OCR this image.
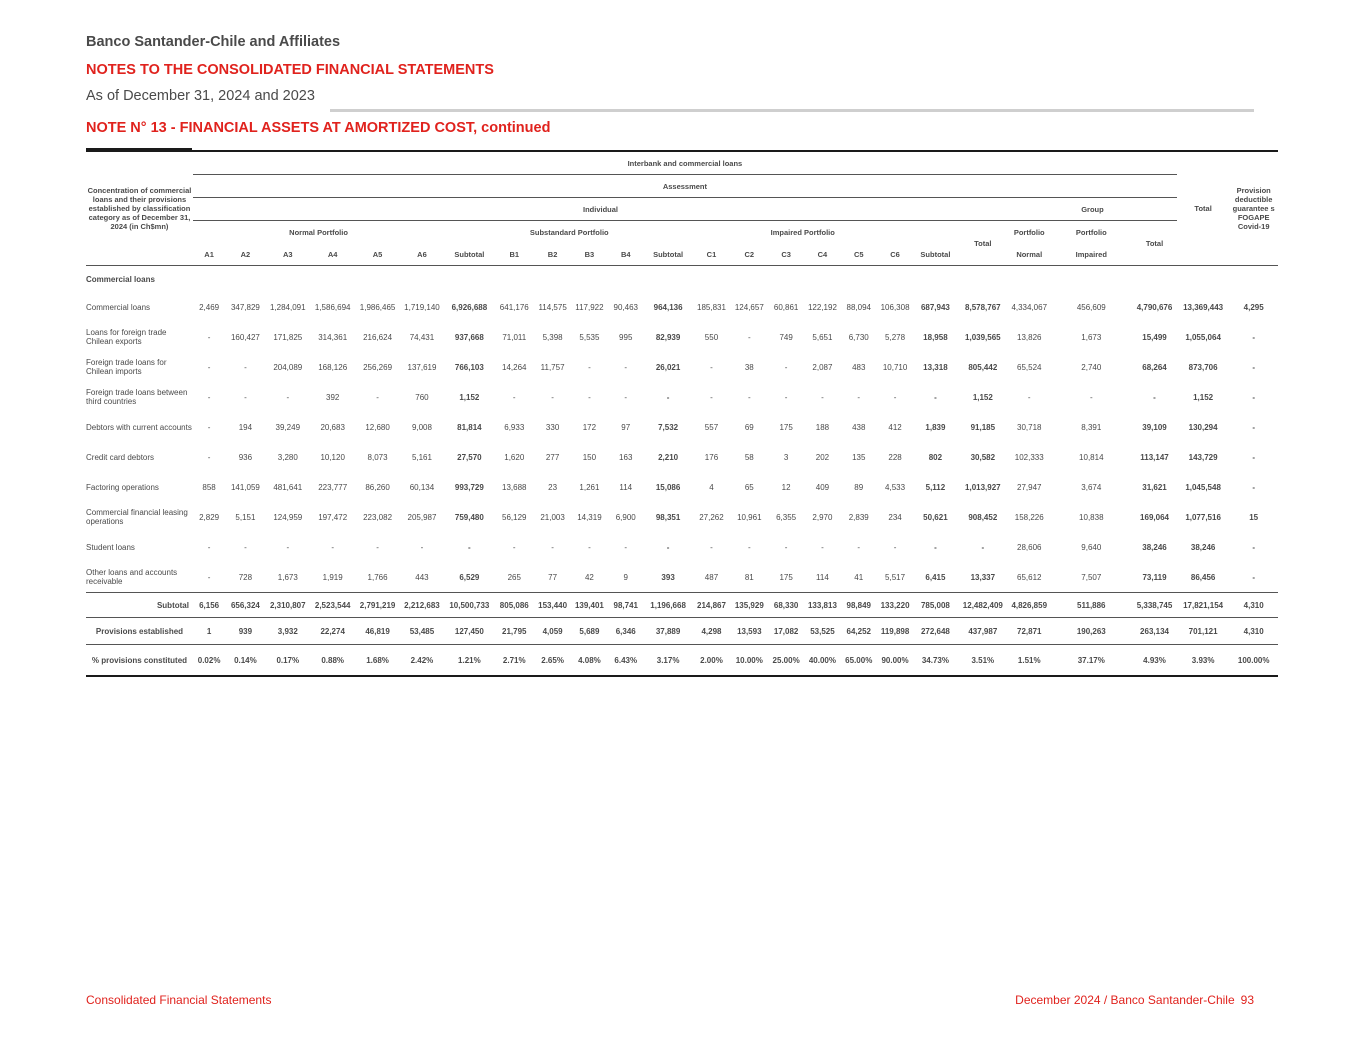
Banco Santander-Chile and Affiliates
NOTES TO THE CONSOLIDATED FINANCIAL STATEMENTS
As of December 31, 2024 and 2023
NOTE N° 13 - FINANCIAL ASSETS AT AMORTIZED COST, continued
Concentration of commercial loans and their provisions established by classification category as of December 31, 2024 (in Ch$mn)	Interbank and commercial loans																							Total	Provision deductible guarantee s FOGAPE Covid-19
	Assessment																								
	Individual																				Group				
	Normal Portfolio							Substandard Portfolio					Impaired Portfolio							Total	Portfolio	Portfolio	Total		
	A1	A2	A3	A4	A5	A6	Subtotal	B1	B2	B3	B4	Subtotal	C1	C2	C3	C4	C5	C6	Subtotal		Normal	Impaired			
Commercial loans																									
Commercial loans	2,469	347,829	1,284,091	1,586,694	1,986,465	1,719,140	6,926,688	641,176	114,575	117,922	90,463	964,136	185,831	124,657	60,861	122,192	88,094	106,308	687,943	8,578,767	4,334,067	456,609	4,790,676	13,369,443	4,295
Loans for foreign trade Chilean exports	-	160,427	171,825	314,361	216,624	74,431	937,668	71,011	5,398	5,535	995	82,939	550	-	749	5,651	6,730	5,278	18,958	1,039,565	13,826	1,673	15,499	1,055,064	-
Foreign trade loans for Chilean imports	-	-	204,089	168,126	256,269	137,619	766,103	14,264	11,757	-	-	26,021	-	38	-	2,087	483	10,710	13,318	805,442	65,524	2,740	68,264	873,706	-
Foreign trade loans between third countries	-	-	-	392	-	760	1,152	-	-	-	-	-	-	-	-	-	-	-	-	1,152	-	-	-	1,152	-
Debtors with current accounts	-	194	39,249	20,683	12,680	9,008	81,814	6,933	330	172	97	7,532	557	69	175	188	438	412	1,839	91,185	30,718	8,391	39,109	130,294	-
Credit card debtors	-	936	3,280	10,120	8,073	5,161	27,570	1,620	277	150	163	2,210	176	58	3	202	135	228	802	30,582	102,333	10,814	113,147	143,729	-
Factoring operations	858	141,059	481,641	223,777	86,260	60,134	993,729	13,688	23	1,261	114	15,086	4	65	12	409	89	4,533	5,112	1,013,927	27,947	3,674	31,621	1,045,548	-
Commercial financial leasing operations	2,829	5,151	124,959	197,472	223,082	205,987	759,480	56,129	21,003	14,319	6,900	98,351	27,262	10,961	6,355	2,970	2,839	234	50,621	908,452	158,226	10,838	169,064	1,077,516	15
Student loans	-	-	-	-	-	-	-	-	-	-	-	-	-	-	-	-	-	-	-	-	28,606	9,640	38,246	38,246	-
Other loans and accounts receivable	-	728	1,673	1,919	1,766	443	6,529	265	77	42	9	393	487	81	175	114	41	5,517	6,415	13,337	65,612	7,507	73,119	86,456	-
Subtotal	6,156	656,324	2,310,807	2,523,544	2,791,219	2,212,683	10,500,733	805,086	153,440	139,401	98,741	1,196,668	214,867	135,929	68,330	133,813	98,849	133,220	785,008	12,482,409	4,826,859	511,886	5,338,745	17,821,154	4,310
Provisions established	1	939	3,932	22,274	46,819	53,485	127,450	21,795	4,059	5,689	6,346	37,889	4,298	13,593	17,082	53,525	64,252	119,898	272,648	437,987	72,871	190,263	263,134	701,121	4,310
% provisions constituted	0.02%	0.14%	0.17%	0.88%	1.68%	2.42%	1.21%	2.71%	2.65%	4.08%	6.43%	3.17%	2.00%	10.00%	25.00%	40.00%	65.00%	90.00%	34.73%	3.51%	1.51%	37.17%	4.93%	3.93%	100.00%
Consolidated Financial Statements	December 2024 / Banco Santander-Chile 93
